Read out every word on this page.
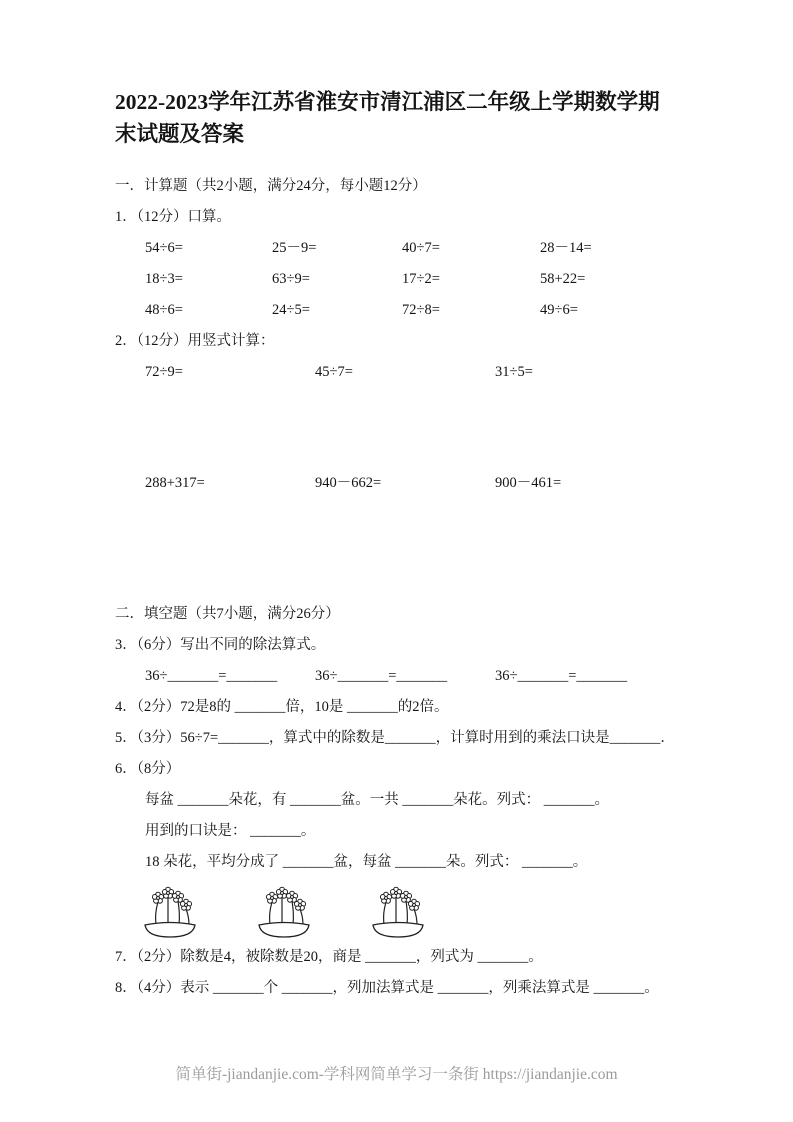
2022-2023学年江苏省淮安市清江浦区二年级上学期数学期末试题及答案
一．计算题（共2小题，满分24分，每小题12分）
1．（12分）口算。
54÷6=	25－9=	40÷7=	28－14=
18÷3=	63÷9=	17÷2=	58+22=
48÷6=	24÷5=	72÷8=	49÷6=
2．（12分）用竖式计算：
72÷9=	45÷7=	31÷5=
288+317=	940－662=	900－461=
二．填空题（共7小题，满分26分）
3．（6分）写出不同的除法算式。
36÷_______=_______	36÷_______=_______	36÷_______=_______
4．（2分）72是8的 _______倍，10是 _______的2倍。
5．（3分）56÷7=_______，算式中的除数是_______，计算时用到的乘法口诀是_______．
6．（8分）
每盆 _______朵花，有 _______盆。一共 _______朵花。列式： _______。
用到的口诀是： _______。
18 朵花，平均分成了 _______盆，每盆 _______朵。列式： _______。
7．（2分）除数是4，被除数是20，商是 _______，列式为 _______。
8．（4分）表示 _______个 _______，列加法算式是 _______，列乘法算式是 _______。
简单街-jiandanjie.com-学科网简单学习一条街 https://jiandanjie.com
